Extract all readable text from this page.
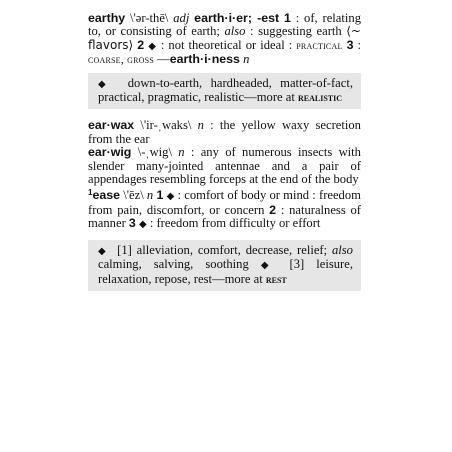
earthy \'ər-thē\ adj earth·i·er; -est 1 : of, relating to, or consisting of earth; also : suggesting earth ⟨~ flavors⟩ 2 ◆ : not theoretical or ideal : practical 3 : coarse, gross —earth·i·ness n

◆ down-to-earth, hardheaded, matter-of-fact, practical, pragmatic, realistic—more at realistic

ear·wax \'ir-ˌwaks\ n : the yellow waxy secretion from the ear

ear·wig \-ˌwig\ n : any of numerous insects with slender many-jointed antennae and a pair of appendages resembling forceps at the end of the body

$^1$ease \'ēz\ n 1 ◆ : comfort of body or mind : freedom from pain, discomfort, or concern 2 : naturalness of manner 3 ◆ : freedom from difficulty or effort

◆ [1] alleviation, comfort, decrease, relief; also calming, salving, soothing ◆ [3] leisure, relaxation, repose, rest—more at rest
